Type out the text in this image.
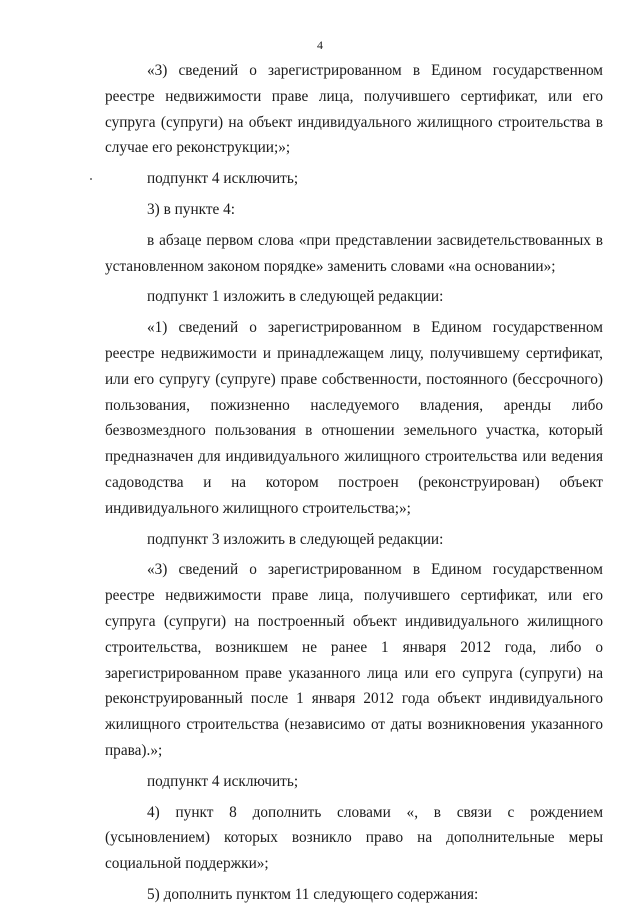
4

«3) сведений о зарегистрированном в Едином государственном реестре недвижимости праве лица, получившего сертификат, или его супруга (супруги) на объект индивидуального жилищного строительства в случае его реконструкции;»;

подпункт 4 исключить;

3) в пункте 4:

в абзаце первом слова «при представлении засвидетельствованных в установленном законом порядке» заменить словами «на основании»;

подпункт 1 изложить в следующей редакции:

«1) сведений о зарегистрированном в Едином государственном реестре недвижимости и принадлежащем лицу, получившему сертификат, или его супругу (супруге) праве собственности, постоянного (бессрочного) пользования, пожизненно наследуемого владения, аренды либо безвозмездного пользования в отношении земельного участка, который предназначен для индивидуального жилищного строительства или ведения садоводства и на котором построен (реконструирован) объект индивидуального жилищного строительства;»;

подпункт 3 изложить в следующей редакции:

«3) сведений о зарегистрированном в Едином государственном реестре недвижимости праве лица, получившего сертификат, или его супруга (супруги) на построенный объект индивидуального жилищного строительства, возникшем не ранее 1 января 2012 года, либо о зарегистрированном праве указанного лица или его супруга (супруги) на реконструированный после 1 января 2012 года объект индивидуального жилищного строительства (независимо от даты возникновения указанного права).»;

подпункт 4 исключить;

4) пункт 8 дополнить словами «, в связи с рождением (усыновлением) которых возникло право на дополнительные меры социальной поддержки»;

5) дополнить пунктом 11 следующего содержания:
